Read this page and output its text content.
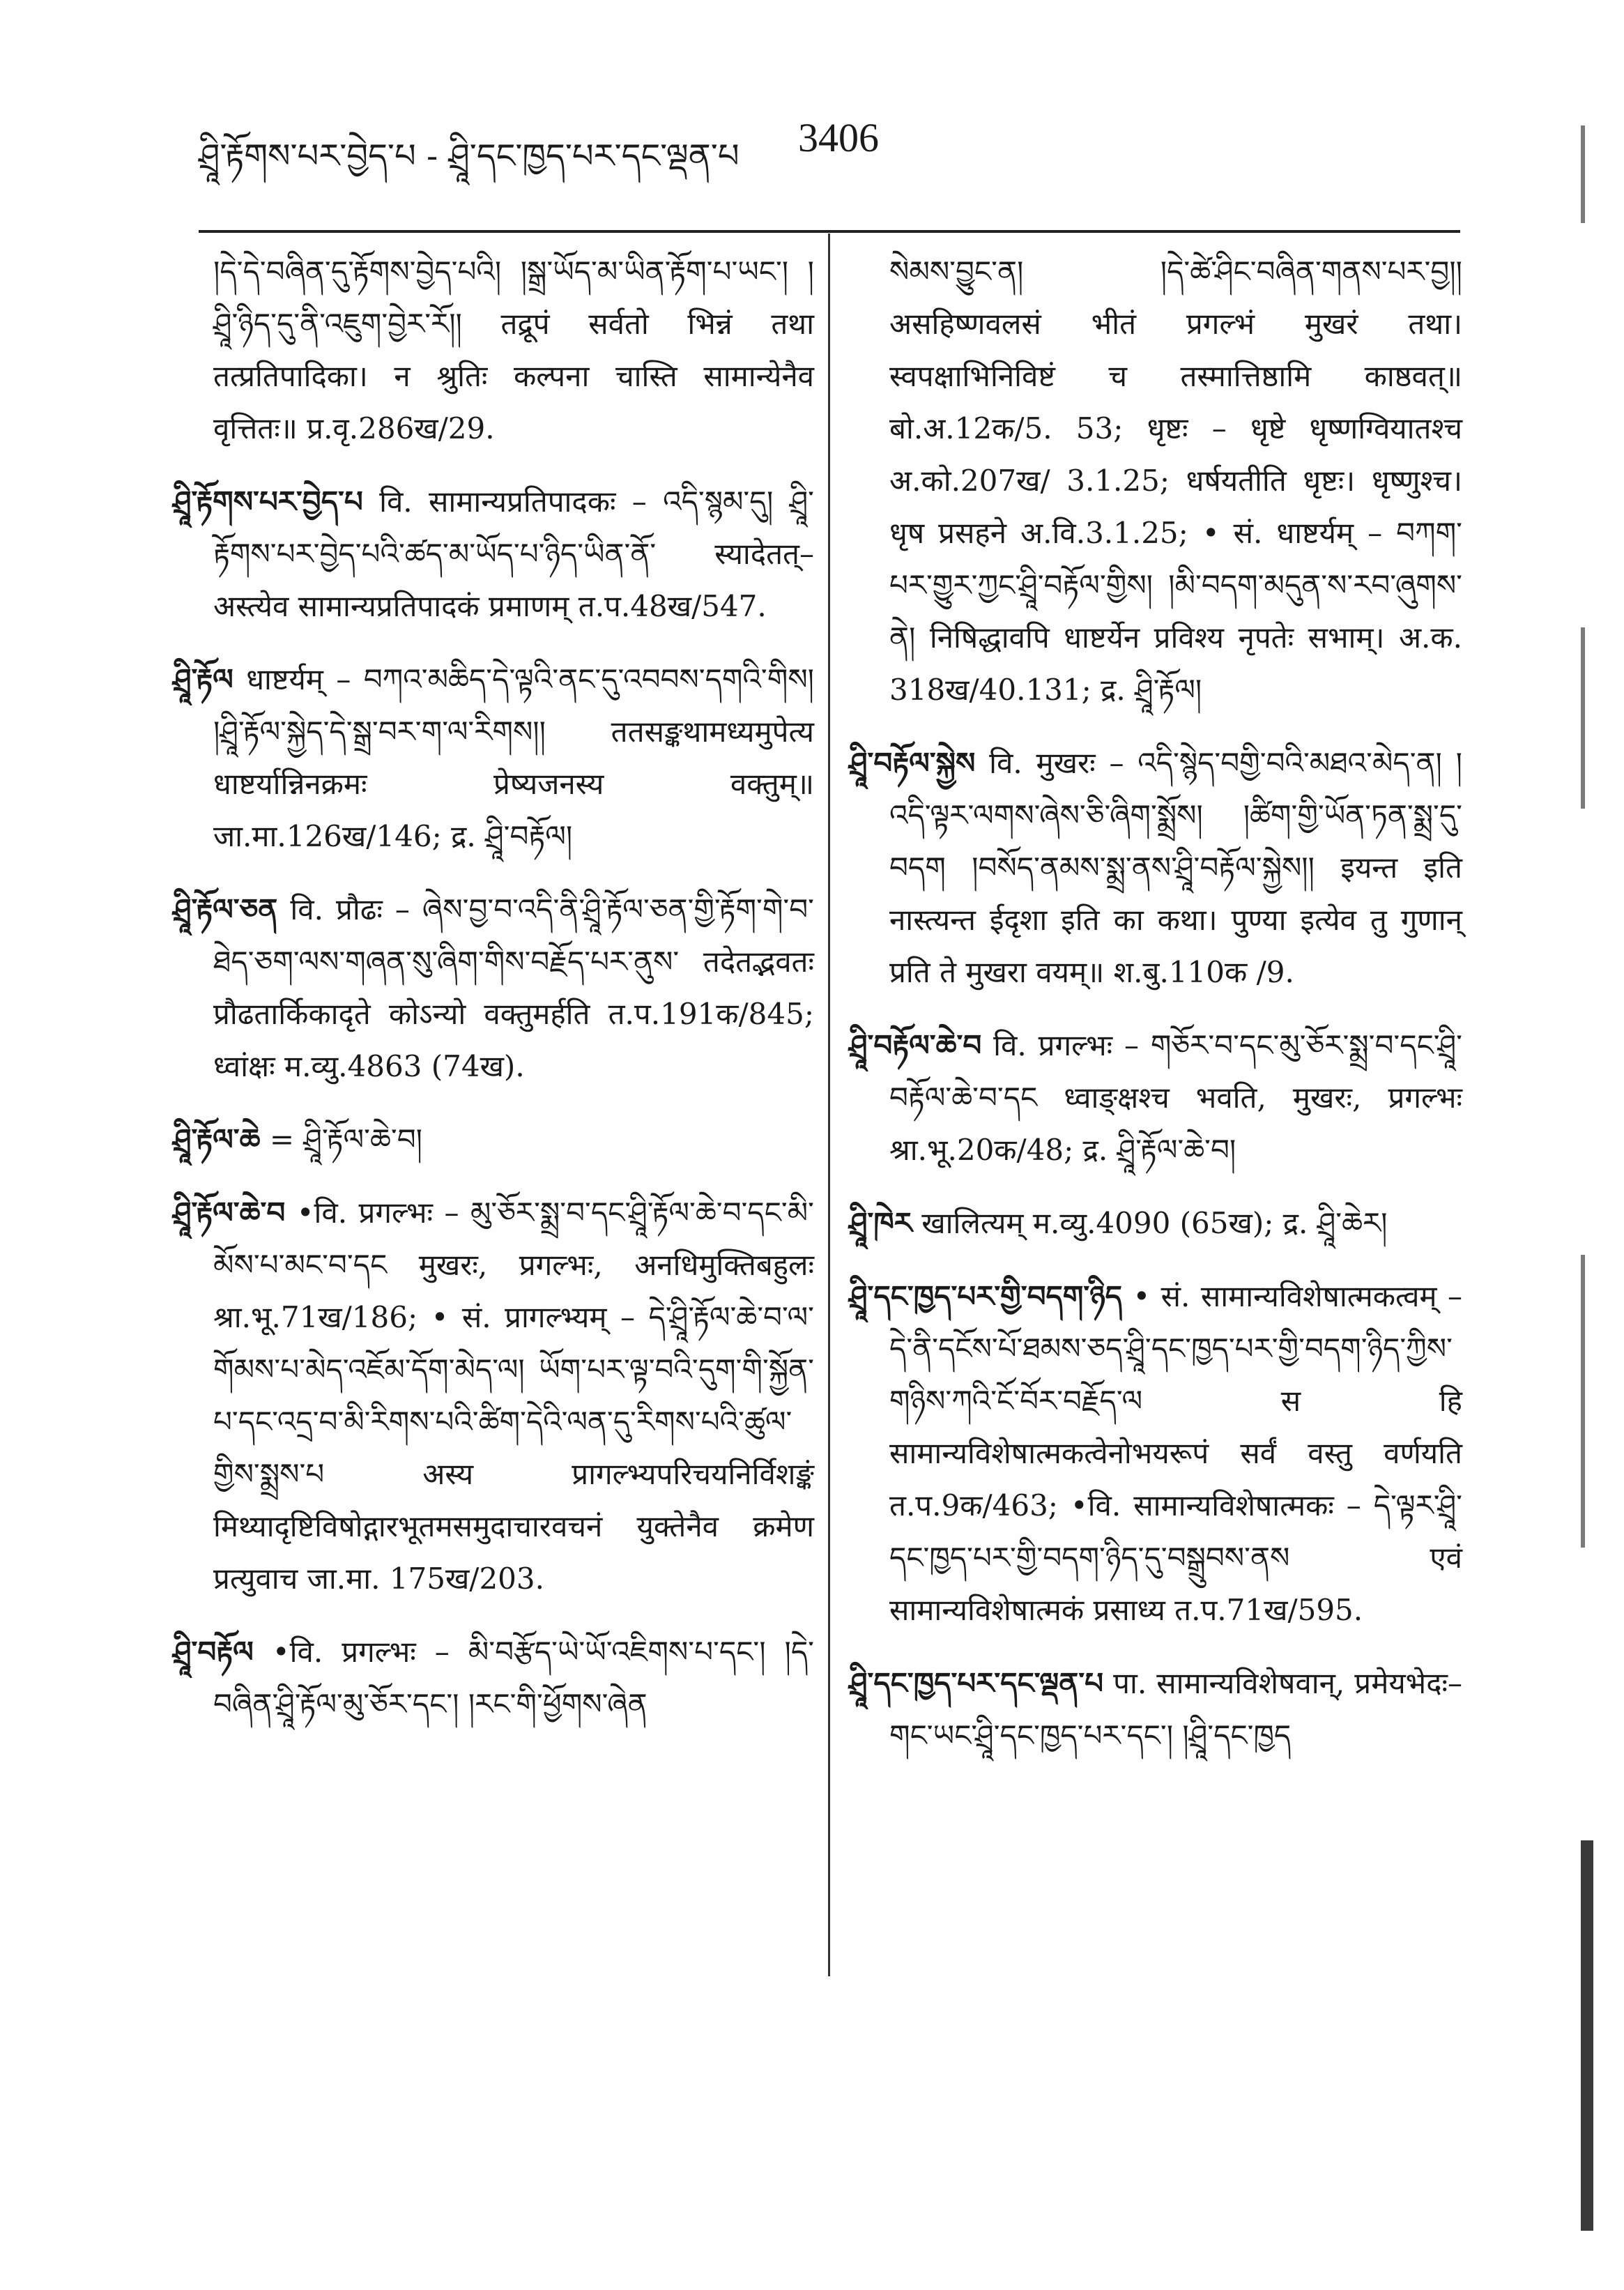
ཤྲཱི་རྟོགས་པར་བྱེད་པ - ཤྲཱི་དང་ཁྱད་པར་དང་ལྡན་པ 3406

།དེ་དེ་བཞིན་དུ་རྟོགས་བྱེད་པའི། །སྒྲ་ཡོད་མ་ཡིན་རྟོག་པ་ཡང་། །ཤྲཱི་ཉིད་དུ་ནི་འཇུག་བྱེར་རོ།། तद्रूपं सर्वतो भिन्नं तथा तत्प्रतिपादिका। न श्रुतिः कल्पना चास्ति सामान्येनैव वृत्तितः॥ प्र.वृ.286ख/29.

ཤྲཱི་རྟོགས་པར་བྱེད་པ वि. सामान्यप्रतिपादकः – འདི་སྙམ་དུ། ཤྲཱི་རྟོགས་པར་བྱེད་པའི་ཚད་མ་ཡོད་པ་ཉིད་ཡིན་ནོ་ स्यादेतत्–अस्त्येव सामान्यप्रतिपादकं प्रमाणम् त.प.48ख/547.

ཤྲཱི་རྟོལ धाष्टर्यम् – བཀའ་མཆིད་དེ་ལྟའི་ནང་དུ་འབབས་དགའི་གིས། །ཤྲཱི་རྟོལ་སྐྱེད་དེ་སྒྲ་བར་ག་ལ་རིགས།། ततसङ्कथामध्यमुपेत्य धाष्टर्यान्निनक्रमः प्रेष्यजनस्य वक्तुम्॥ जा.मा.126ख/146; द्र. ཤྲཱི་བརྟོལ།

ཤྲཱི་རྟོལ་ཅན वि. प्रौढः – ཞེས་བྱ་བ་འདི་ནི་ཤྲཱི་རྟོལ་ཅན་གྱི་རྟོག་གེ་བ་ཐེད་ཅག་ལས་གཞན་སུ་ཞིག་གིས་བརྗོད་པར་ནུས་ तदेतद्भवतः प्रौढतार्किकादृते कोऽन्यो वक्तुमर्हति त.प.191क/845; ध्वांक्षः म.व्यु.4863 (74ख).

ཤྲཱི་རྟོལ་ཆེ = ཤྲཱི་རྟོལ་ཆེ་བ།

ཤྲཱི་རྟོལ་ཆེ་བ •वि. प्रगल्भः – མུ་ཅོར་སྨྲ་བ་དང་ཤྲཱི་རྟོལ་ཆེ་བ་དང་མི་མོས་པ་མང་བ་དང मुखरः, प्रगल्भः, अनधिमुक्तिबहुलः श्रा.भू.71ख/186; • सं. प्रागल्भ्यम् – དེ་ཤྲཱི་རྟོལ་ཆེ་བ་ལ་གོམས་པ་མེད་འཇོམ་དོག་མེད་ལ། ཡོག་པར་ལྟ་བའི་དུག་གི་སྐྱོན་པ་དང་འདྲ་བ་མི་རིགས་པའི་ཚིག་དེའི་ལན་དུ་རིགས་པའི་ཚུལ་གྱིས་སྨྲས་པ अस्य प्रागल्भ्यपरिचयनिर्विशङ्कं मिथ्यादृष्टिविषोद्गारभूतमसमुदाचारवचनं युक्तेनैव क्रमेण प्रत्युवाच जा.मा. 175ख/203.

ཤྲཱི་བརྟོལ •वि. प्रगल्भः – མི་བརྩོད་ཡེ་ཡོ་འཇིགས་པ་དང་། །དེ་བཞིན་ཤྲཱི་རྟོལ་མུ་ཅོར་དང་། །རང་གི་ཕྱོགས་ཞེན

སེམས་བྱུང་ན། །དེ་ཚེ་ཤིང་བཞིན་གནས་པར་བྱ།། असहिष्णवलसं भीतं प्रगल्भं मुखरं तथा। स्वपक्षाभिनिविष्टं च तस्मात्तिष्ठामि काष्ठवत्॥ बो.अ.12क/5. 53; धृष्टः – धृष्टे धृष्णग्वियातश्च अ.को.207ख/ 3.1.25; धर्षयतीति धृष्टः। धृष्णुश्च। धृष प्रसहने अ.वि.3.1.25; • सं. धाष्टर्यम् – བཀག་པར་གྱུར་ཀྱང་ཤྲཱི་བརྟོལ་གྱིས། །མི་བདག་མདུན་ས་རབ་ཞུགས་ནེ། निषिद्धावपि धाष्टर्येन प्रविश्य नृपतेः सभाम्। अ.क. 318ख/40.131; द्र. ཤྲཱི་རྟོལ།

ཤྲཱི་བརྟོལ་སྐྱེས वि. मुखरः – འདི་སྙེད་བགྱི་བའི་མཐའ་མེད་ན། །འདི་ལྟར་ལགས་ཞེས་ཅི་ཞིག་སྨྲོས། །ཚིག་གྱི་ཡོན་ཏན་སྨྲ་དུ་བདག །བསོད་ནམས་སྨྲ་ནས་ཤྲཱི་བརྟོལ་སྐྱེས།། इयन्त इति नास्त्यन्त ईदृशा इति का कथा। पुण्या इत्येव तु गुणान् प्रति ते मुखरा वयम्॥ श.बु.110क /9.

ཤྲཱི་བརྟོལ་ཆེ་བ वि. प्रगल्भः – གཅོར་བ་དང་མུ་ཅོར་སྨྲ་བ་དང་ཤྲཱི་བརྟོལ་ཆེ་བ་དང ध्वाङ्क्षश्च भवति, मुखरः, प्रगल्भः श्रा.भू.20क/48; द्र. ཤྲཱི་རྟོལ་ཆེ་བ།

ཤྲཱི་ཁེར खालित्यम् म.व्यु.4090 (65ख); द्र. ཤྲཱི་ཆེར།

ཤྲཱི་དང་ཁྱད་པར་གྱི་བདག་ཉིད • सं. सामान्यविशेषात्मकत्वम् – དེ་ནི་དངོས་པོ་ཐམས་ཅད་ཤྲཱི་དང་ཁྱད་པར་གྱི་བདག་ཉིད་ཀྱིས་གཉིས་ཀའི་ངོ་བོར་བརྗོད་ལ स हि सामान्यविशेषात्मकत्वेनोभयरूपं सर्वं वस्तु वर्णयति त.प.9क/463; •वि. सामान्यविशेषात्मकः – དེ་ལྟར་ཤྲཱི་དང་ཁྱད་པར་གྱི་བདག་ཉིད་དུ་བསྒྲུབས་ནས एवं सामान्यविशेषात्मकं प्रसाध्य त.प.71ख/595.

ཤྲཱི་དང་ཁྱད་པར་དང་ལྡན་པ पा. सामान्यविशेषवान्, प्रमेयभेदः–གང་ཡང་ཤྲཱི་དང་ཁྱད་པར་དང་། །ཤྲཱི་དང་ཁྱད
